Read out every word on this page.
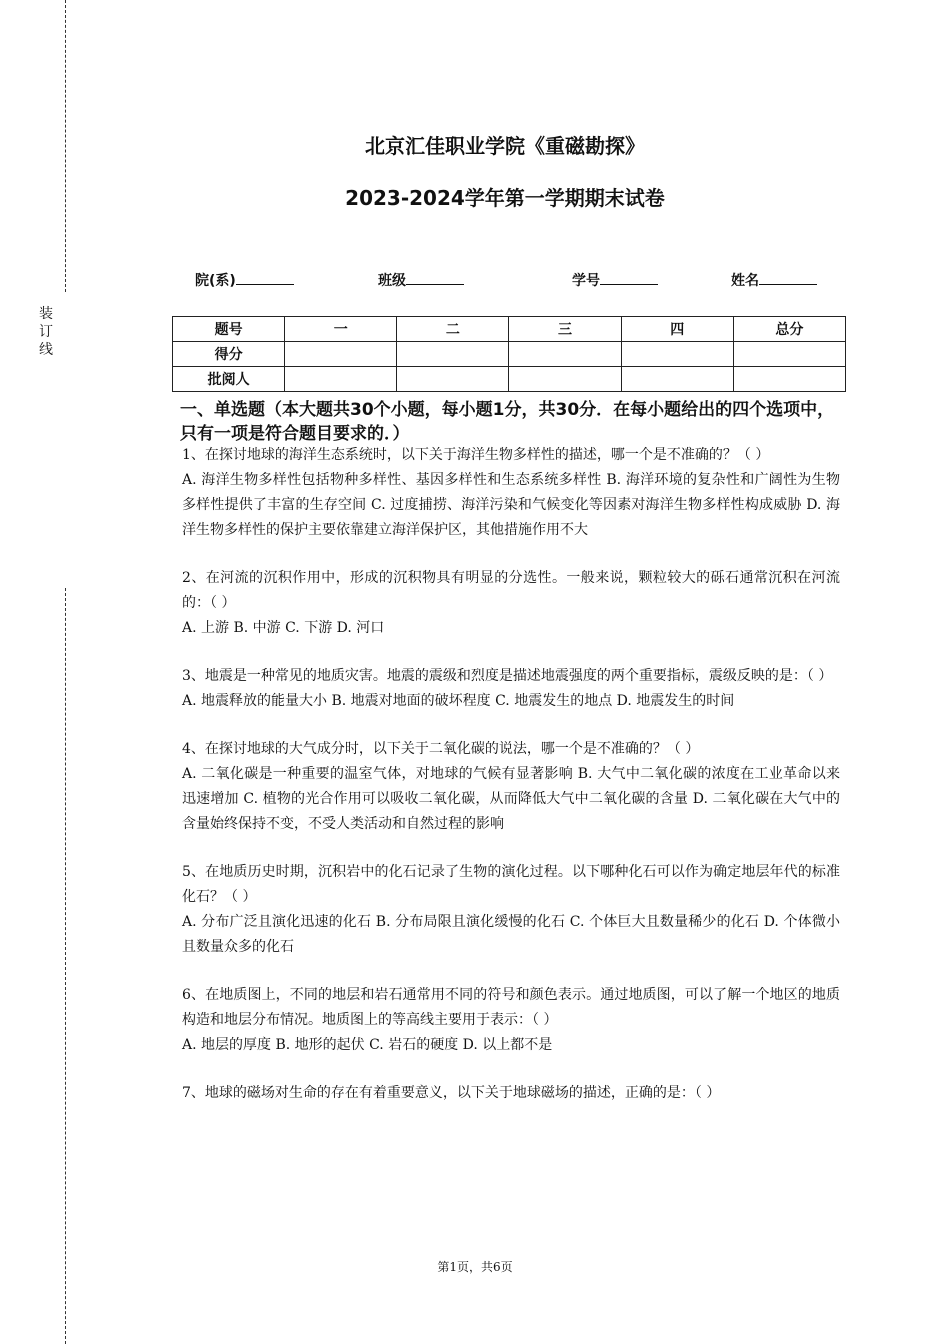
装订线
北京汇佳职业学院《重磁勘探》
2023-2024学年第一学期期末试卷
院(系)	班级	学号	姓名
题号	一	二	三	四	总分
得分					
批阅人					
一、单选题（本大题共30个小题，每小题1分，共30分．在每小题给出的四个选项中，只有一项是符合题目要求的．）

1、在探讨地球的海洋生态系统时，以下关于海洋生物多样性的描述，哪一个是不准确的？（ ）

A. 海洋生物多样性包括物种多样性、基因多样性和生态系统多样性 B. 海洋环境的复杂性和广阔性为生物多样性提供了丰富的生存空间 C. 过度捕捞、海洋污染和气候变化等因素对海洋生物多样性构成威胁 D. 海洋生物多样性的保护主要依靠建立海洋保护区，其他措施作用不大

2、在河流的沉积作用中，形成的沉积物具有明显的分选性。一般来说，颗粒较大的砾石通常沉积在河流的：（ ）

A. 上游 B. 中游 C. 下游 D. 河口

3、地震是一种常见的地质灾害。地震的震级和烈度是描述地震强度的两个重要指标，震级反映的是：（ ）

A. 地震释放的能量大小 B. 地震对地面的破坏程度 C. 地震发生的地点 D. 地震发生的时间

4、在探讨地球的大气成分时，以下关于二氧化碳的说法，哪一个是不准确的？（ ）

A. 二氧化碳是一种重要的温室气体，对地球的气候有显著影响 B. 大气中二氧化碳的浓度在工业革命以来迅速增加 C. 植物的光合作用可以吸收二氧化碳，从而降低大气中二氧化碳的含量 D. 二氧化碳在大气中的含量始终保持不变，不受人类活动和自然过程的影响

5、在地质历史时期，沉积岩中的化石记录了生物的演化过程。以下哪种化石可以作为确定地层年代的标准化石？（ ）

A. 分布广泛且演化迅速的化石 B. 分布局限且演化缓慢的化石 C. 个体巨大且数量稀少的化石 D. 个体微小且数量众多的化石

6、在地质图上，不同的地层和岩石通常用不同的符号和颜色表示。通过地质图，可以了解一个地区的地质构造和地层分布情况。地质图上的等高线主要用于表示：（ ）

A. 地层的厚度 B. 地形的起伏 C. 岩石的硬度 D. 以上都不是

7、地球的磁场对生命的存在有着重要意义，以下关于地球磁场的描述，正确的是：（ ）

第1页，共6页
